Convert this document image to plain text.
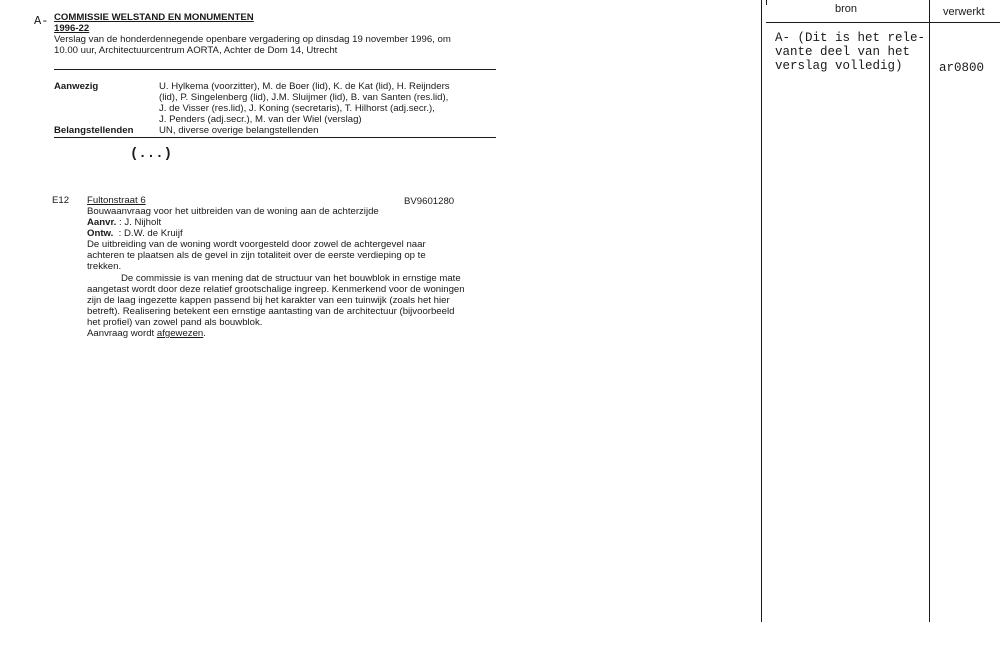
A- COMMISSIE WELSTAND EN MONUMENTEN
1996-22
Verslag van de honderdennegende openbare vergadering op dinsdag 19 november 1996, om
10.00 uur, Architectuurcentrum AORTA, Achter de Dom 14, Utrecht
Aanwezig	U. Hylkema (voorzitter), M. de Boer (lid), K. de Kat (lid), H. Reijnders
(lid), P. Singelenberg (lid), J.M. Sluijmer (lid), B. van Santen (res.lid),
J. de Visser (res.lid), J. Koning (secretaris), T. Hilhorst (adj.secr.),
J. Penders (adj.secr.), M. van der Wiel (verslag)
Belangstellenden	UN, diverse overige belangstellenden
(...)
E12 Fultonstraat 6	BV9601280
Bouwaanvraag voor het uitbreiden van de woning aan de achterzijde
Aanvr. : J. Nijholt
Ontw. : D.W. de Kruijf
De uitbreiding van de woning wordt voorgesteld door zowel de achtergevel naar
achteren te plaatsen als de gevel in zijn totaliteit over de eerste verdieping op te
trekken.
De commissie is van mening dat de structuur van het bouwblok in ernstige mate
aangetast wordt door deze relatief grootschalige ingreep. Kenmerkend voor de woningen
zijn de laag ingezette kappen passend bij het karakter van een tuinwijk (zoals het hier
betreft). Realisering betekent een ernstige aantasting van de architectuur (bijvoorbeeld
het profiel) van zowel pand als bouwblok.
Aanvraag wordt afgewezen.
bron	verwerkt
A- (Dit is het rele-
vante deel van het
verslag volledig)	ar0800
